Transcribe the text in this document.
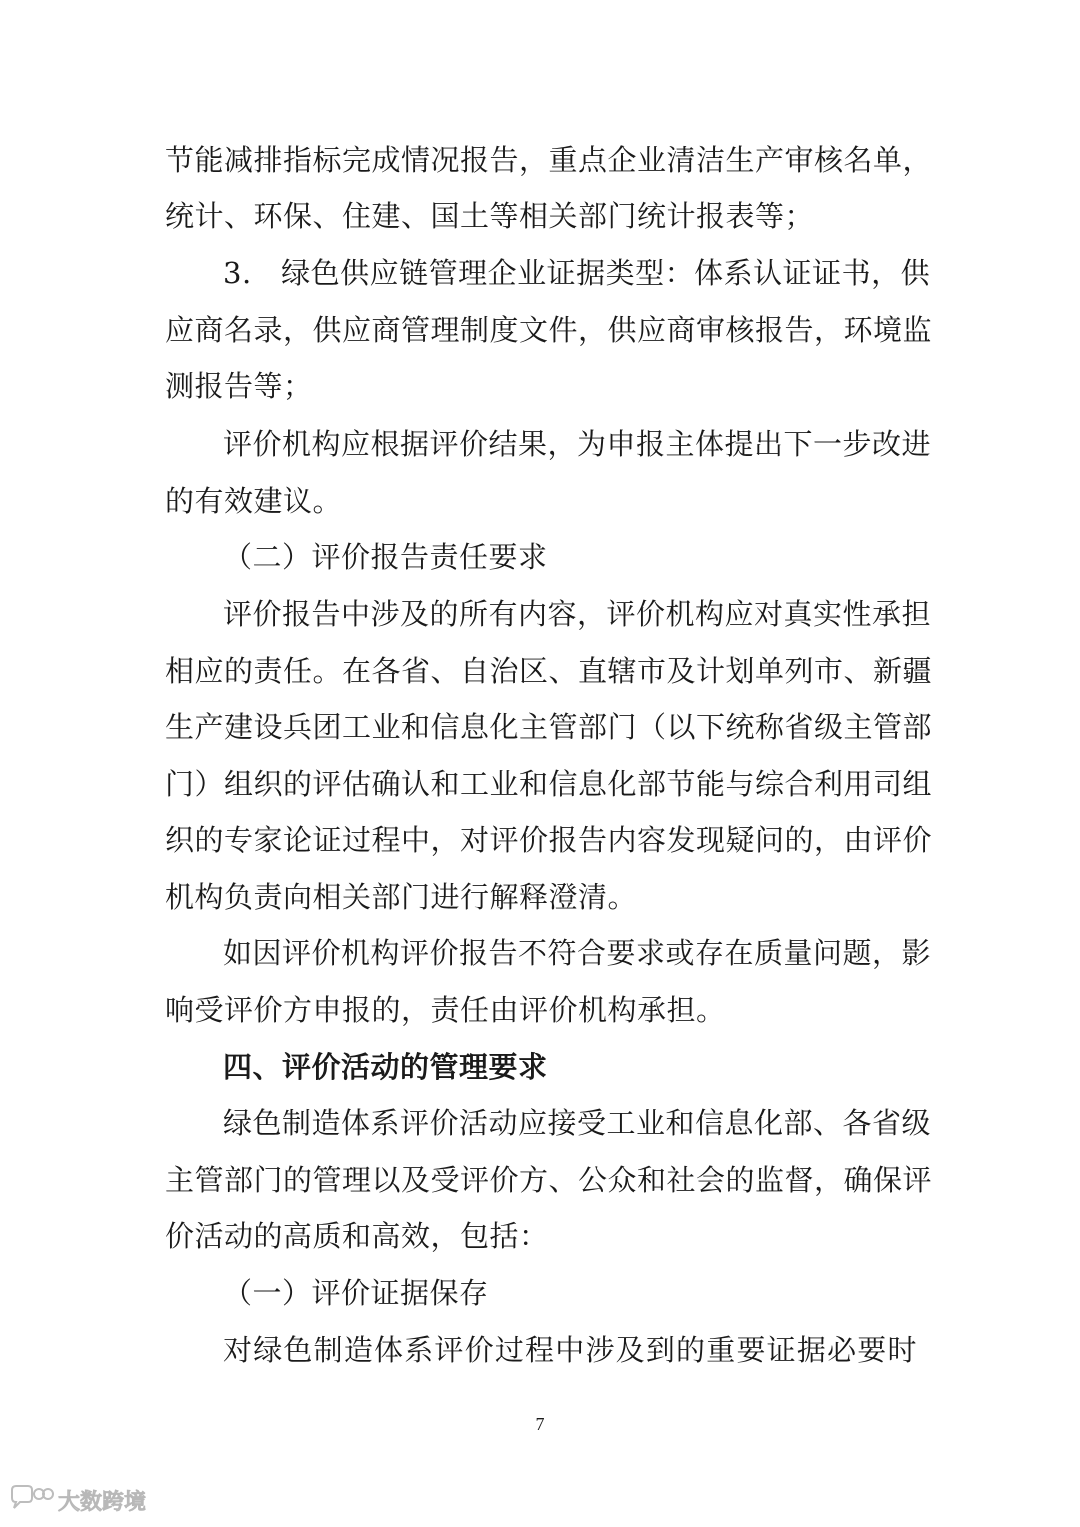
节能减排指标完成情况报告，重点企业清洁生产审核名单，
统计、环保、住建、国土等相关部门统计报表等；
3.　绿色供应链管理企业证据类型：体系认证证书，供
应商名录，供应商管理制度文件，供应商审核报告，环境监
测报告等；
评价机构应根据评价结果，为申报主体提出下一步改进
的有效建议。
（二）评价报告责任要求
评价报告中涉及的所有内容，评价机构应对真实性承担
相应的责任。在各省、自治区、直辖市及计划单列市、新疆
生产建设兵团工业和信息化主管部门（以下统称省级主管部
门）组织的评估确认和工业和信息化部节能与综合利用司组
织的专家论证过程中，对评价报告内容发现疑问的，由评价
机构负责向相关部门进行解释澄清。
如因评价机构评价报告不符合要求或存在质量问题，影
响受评价方申报的，责任由评价机构承担。
四、评价活动的管理要求
绿色制造体系评价活动应接受工业和信息化部、各省级
主管部门的管理以及受评价方、公众和社会的监督，确保评
价活动的高质和高效，包括：
（一）评价证据保存
对绿色制造体系评价过程中涉及到的重要证据必要时
7
大数跨境
